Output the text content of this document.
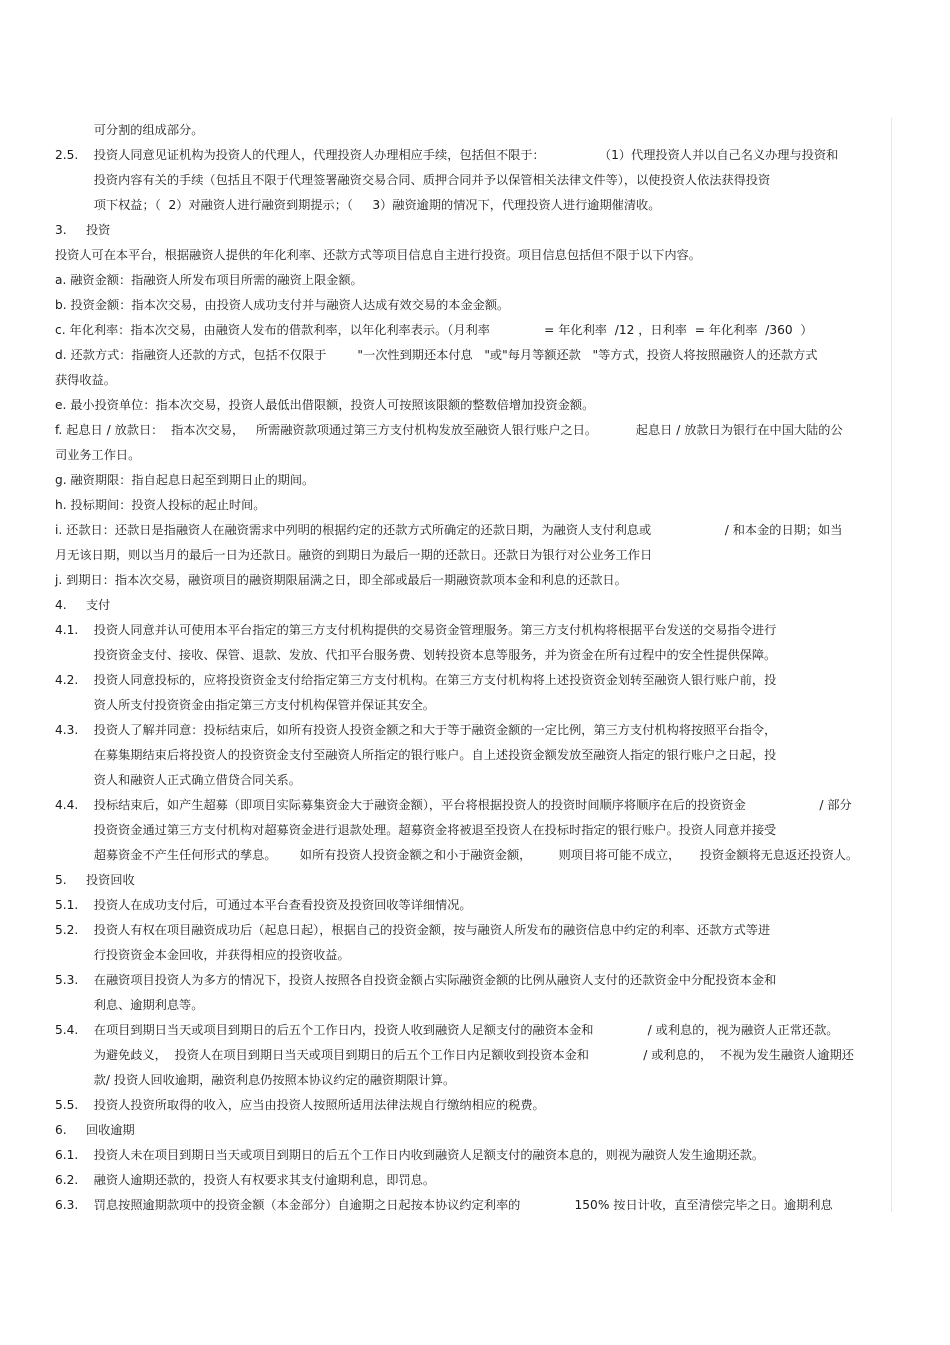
可分割的组成部分。
2.5.    投资人同意见证机构为投资人的代理人，代理投资人办理相应手续，包括但不限于：              （1）代理投资人并以自己名义办理与投资和
投资内容有关的手续（包括且不限于代理签署融资交易合同、质押合同并予以保管相关法律文件等），以使投资人依法获得投资
项下权益；（  2）对融资人进行融资到期提示；（     3）融资逾期的情况下，代理投资人进行逾期催清收。
3.     投资
投资人可在本平台，根据融资人提供的年化利率、还款方式等项目信息自主进行投资。项目信息包括但不限于以下内容。
a. 融资金额：指融资人所发布项目所需的融资上限金额。
b. 投资金额：指本次交易，由投资人成功支付并与融资人达成有效交易的本金金额。
c. 年化利率：指本次交易，由融资人发布的借款利率，以年化利率表示。（月利率              = 年化利率  /12 ，日利率  = 年化利率  /360  ）
d. 还款方式：指融资人还款的方式，包括不仅限于        "一次性到期还本付息   "或"每月等额还款   "等方式，投资人将按照融资人的还款方式
获得收益。
e. 最小投资单位：指本次交易，投资人最低出借限额，投资人可按照该限额的整数倍增加投资金额。
f. 起息日 / 放款日：  指本次交易，   所需融资款项通过第三方支付机构发放至融资人银行账户之日。          起息日 / 放款日为银行在中国大陆的公
司业务工作日。
g. 融资期限：指自起息日起至到期日止的期间。
h. 投标期间：投资人投标的起止时间。
i. 还款日：还款日是指融资人在融资需求中列明的根据约定的还款方式所确定的还款日期，为融资人支付利息或                   / 和本金的日期；如当
月无该日期，则以当月的最后一日为还款日。融资的到期日为最后一期的还款日。还款日为银行对公业务工作日
j. 到期日：指本次交易，融资项目的融资期限届满之日，即全部或最后一期融资款项本金和利息的还款日。
4.     支付
4.1.    投资人同意并认可使用本平台指定的第三方支付机构提供的交易资金管理服务。第三方支付机构将根据平台发送的交易指令进行
投资资金支付、接收、保管、退款、发放、代扣平台服务费、划转投资本息等服务，并为资金在所有过程中的安全性提供保障。
4.2.    投资人同意投标的，应将投资资金支付给指定第三方支付机构。在第三方支付机构将上述投资资金划转至融资人银行账户前，投
资人所支付投资资金由指定第三方支付机构保管并保证其安全。
4.3.    投资人了解并同意：投标结束后，如所有投资人投资金额之和大于等于融资金额的一定比例，第三方支付机构将按照平台指令，
在募集期结束后将投资人的投资资金支付至融资人所指定的银行账户。自上述投资金额发放至融资人指定的银行账户之日起，投
资人和融资人正式确立借贷合同关系。
4.4.    投标结束后，如产生超募（即项目实际募集资金大于融资金额），平台将根据投资人的投资时间顺序将顺序在后的投资资金                   / 部分
投资资金通过第三方支付机构对超募资金进行退款处理。超募资金将被退至投资人在投标时指定的银行账户。投资人同意并接受
超募资金不产生任何形式的孳息。      如所有投资人投资金额之和小于融资金额，       则项目将可能不成立，     投资金额将无息返还投资人。
5.     投资回收
5.1.    投资人在成功支付后，可通过本平台查看投资及投资回收等详细情况。
5.2.    投资人有权在项目融资成功后（起息日起），根据自己的投资金额，按与融资人所发布的融资信息中约定的利率、还款方式等进
行投资资金本金回收，并获得相应的投资收益。
5.3.    在融资项目投资人为多方的情况下，投资人按照各自投资金额占实际融资金额的比例从融资人支付的还款资金中分配投资本金和
利息、逾期利息等。
5.4.    在项目到期日当天或项目到期日的后五个工作日内，投资人收到融资人足额支付的融资本金和              / 或利息的，视为融资人正常还款。
为避免歧义，  投资人在项目到期日当天或项目到期日的后五个工作日内足额收到投资本金和              / 或利息的，  不视为发生融资人逾期还
款/ 投资人回收逾期，融资利息仍按照本协议约定的融资期限计算。
5.5.    投资人投资所取得的收入，应当由投资人按照所适用法律法规自行缴纳相应的税费。
6.     回收逾期
6.1.    投资人未在项目到期日当天或项目到期日的后五个工作日内收到融资人足额支付的融资本息的，则视为融资人发生逾期还款。
6.2.    融资人逾期还款的，投资人有权要求其支付逾期利息，即罚息。
6.3.    罚息按照逾期款项中的投资金额（本金部分）自逾期之日起按本协议约定利率的              150% 按日计收，直至清偿完毕之日。逾期利息
